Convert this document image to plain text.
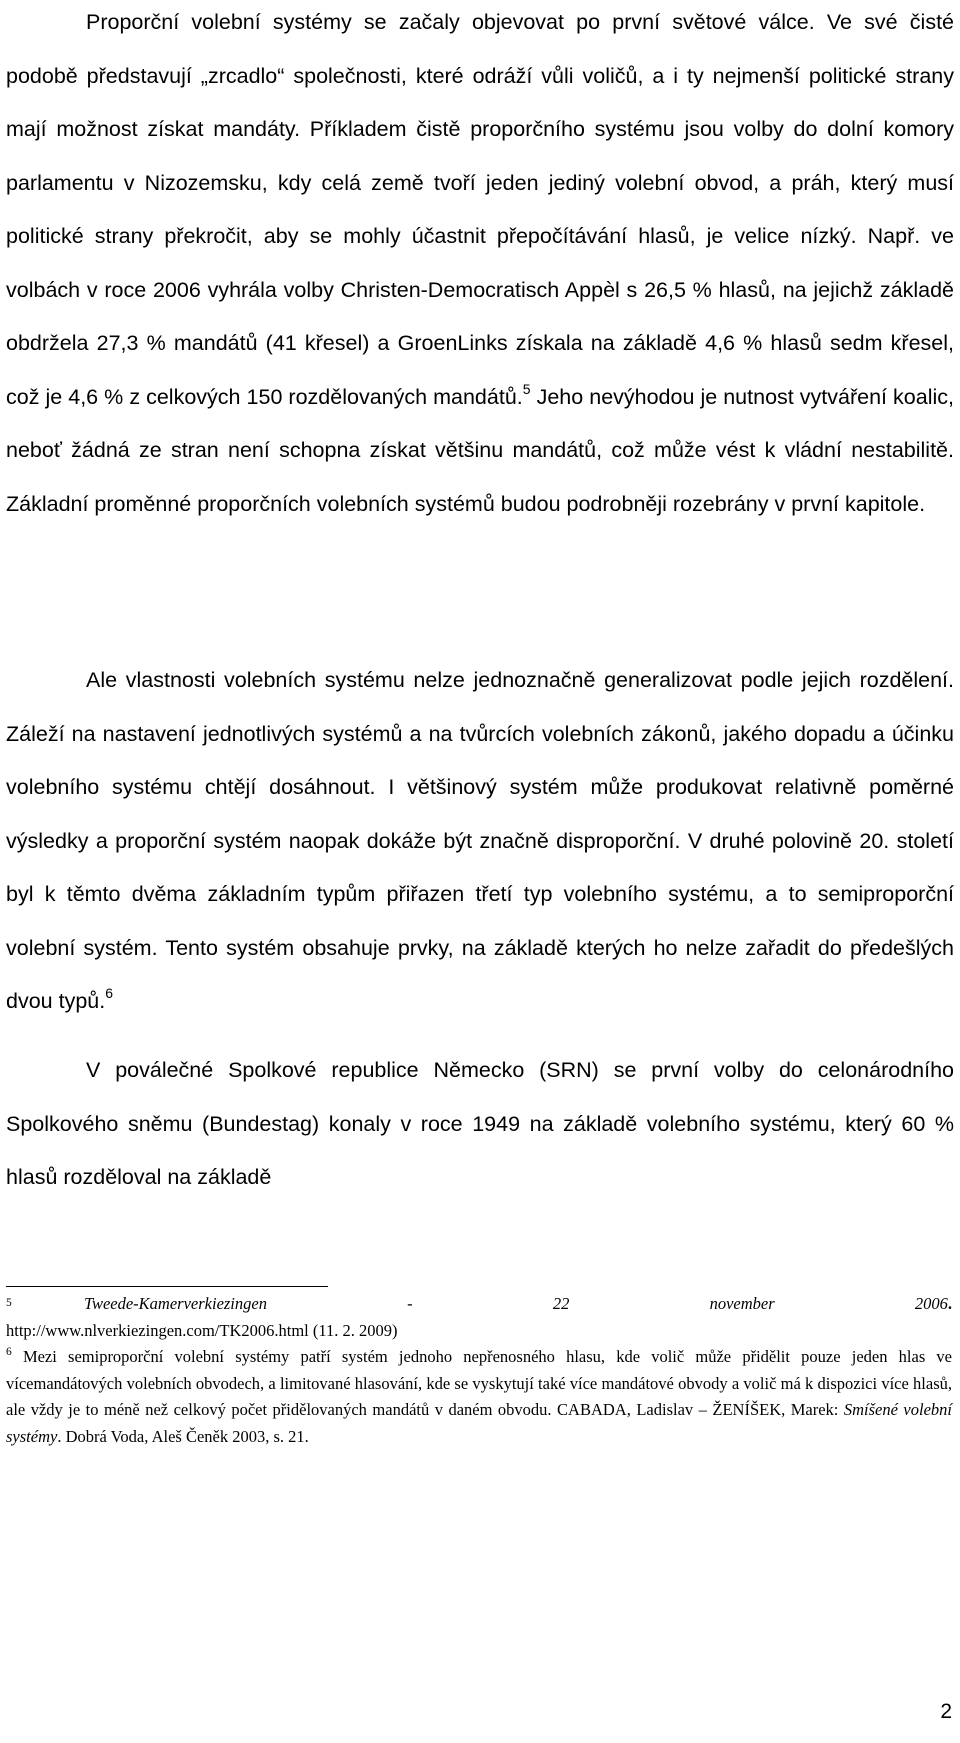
Proporční volební systémy se začaly objevovat po první světové válce. Ve své čisté podobě představují „zrcadlo“ společnosti, které odráží vůli voličů, a i ty nejmenší politické strany mají možnost získat mandáty. Příkladem čistě proporčního systému jsou volby do dolní komory parlamentu v Nizozemsku, kdy celá země tvoří jeden jediný volební obvod, a práh, který musí politické strany překročit, aby se mohly účastnit přepočítávání hlasů, je velice nízký. Např. ve volbách v roce 2006 vyhrála volby Christen-Democratisch Appèl s 26,5 % hlasů, na jejichž základě obdržela 27,3 % mandátů (41 křesel) a GroenLinks získala na základě 4,6 % hlasů sedm křesel, což je 4,6 % z celkových 150 rozdělovaných mandátů.$^5$ Jeho nevýhodou je nutnost vytváření koalic, neboť žádná ze stran není schopna získat většinu mandátů, což může vést k vládní nestabilitě. Základní proměnné proporčních volebních systémů budou podrobněji rozebrány v první kapitole.

Ale vlastnosti volebních systému nelze jednoznačně generalizovat podle jejich rozdělení. Záleží na nastavení jednotlivých systémů a na tvůrcích volebních zákonů, jakého dopadu a účinku volebního systému chtějí dosáhnout. I většinový systém může produkovat relativně poměrné výsledky a proporční systém naopak dokáže být značně disproporční. V druhé polovině 20. století byl k těmto dvěma základním typům přiřazen třetí typ volebního systému, a to semiproporční volební systém. Tento systém obsahuje prvky, na základě kterých ho nelze zařadit do předešlých dvou typů.$^6$

V poválečné Spolkové republice Německo (SRN) se první volby do celonárodního Spolkového sněmu (Bundestag) konaly v roce 1949 na základě volebního systému, který 60 % hlasů rozděloval na základě

5	Tweede-Kamerverkiezingen	-	22	november	2006.
http://www.nlverkiezingen.com/TK2006.html (11. 2. 2009)
$^6$ Mezi semiproporční volební systémy patří systém jednoho nepřenosného hlasu, kde volič může přidělit pouze jeden hlas ve vícemandátových volebních obvodech, a limitované hlasování, kde se vyskytují také více mandátové obvody a volič má k dispozici více hlasů, ale vždy je to méně než celkový počet přidělovaných mandátů v daném obvodu. CABADA, Ladislav – ŽENÍŠEK, Marek: Smíšené volební systémy. Dobrá Voda, Aleš Čeněk 2003, s. 21.
2
